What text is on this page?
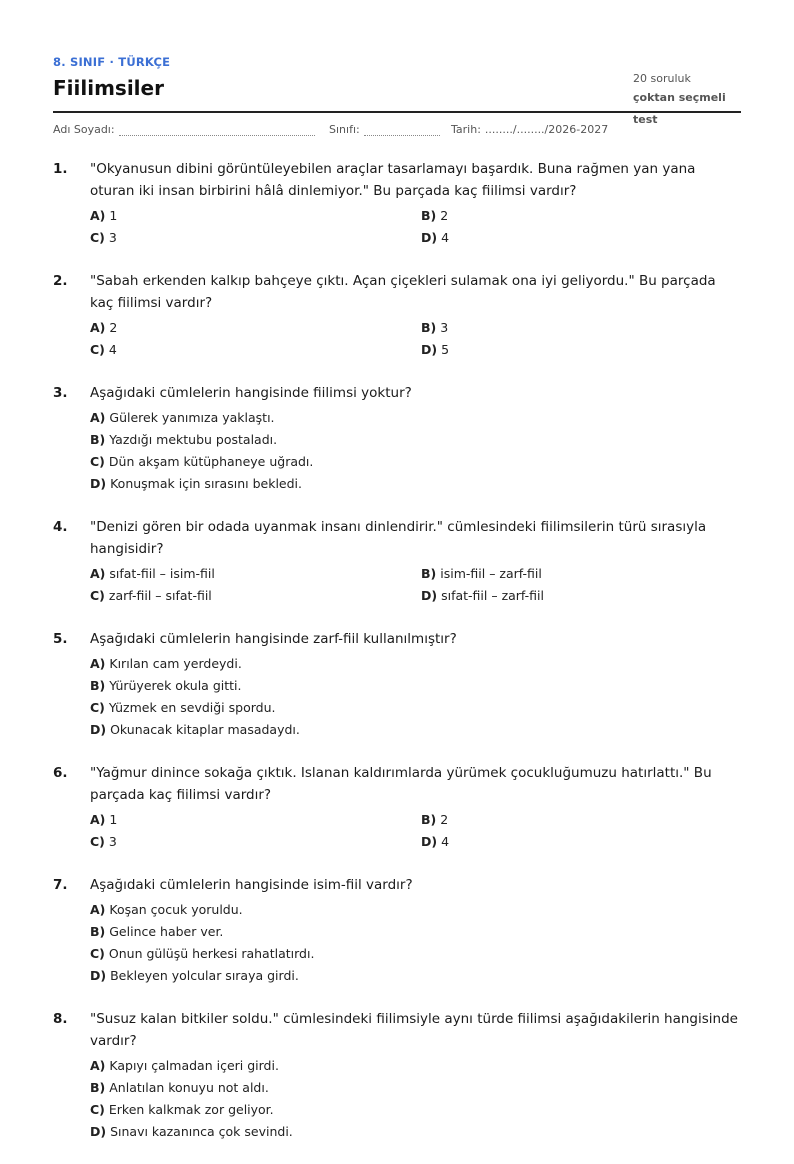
8. SINIF · TÜRKÇE
Fiilimsiler	20 soruluk
çoktan seçmeli test
Adı Soyadı:	Sınıfı:	Tarih: ......../......../2026-2027
1. "Okyanusun dibini görüntüleyebilen araçlar tasarlamayı başardık. Buna rağmen yan yana oturan iki insan birbirini hâlâ dinlemiyor." Bu parçada kaç fiilimsi vardır?
A) 1	B) 2
C) 3	D) 4
2. "Sabah erkenden kalkıp bahçeye çıktı. Açan çiçekleri sulamak ona iyi geliyordu." Bu parçada kaç fiilimsi vardır?
A) 2	B) 3
C) 4	D) 5
3. Aşağıdaki cümlelerin hangisinde fiilimsi yoktur?
A) Gülerek yanımıza yaklaştı.
B) Yazdığı mektubu postaladı.
C) Dün akşam kütüphaneye uğradı.
D) Konuşmak için sırasını bekledi.
4. "Denizi gören bir odada uyanmak insanı dinlendirir." cümlesindeki fiilimsilerin türü sırasıyla hangisidir?
A) sıfat-fiil – isim-fiil	B) isim-fiil – zarf-fiil
C) zarf-fiil – sıfat-fiil	D) sıfat-fiil – zarf-fiil
5. Aşağıdaki cümlelerin hangisinde zarf-fiil kullanılmıştır?
A) Kırılan cam yerdeydi.
B) Yürüyerek okula gitti.
C) Yüzmek en sevdiği spordu.
D) Okunacak kitaplar masadaydı.
6. "Yağmur dinince sokağa çıktık. Islanan kaldırımlarda yürümek çocukluğumuzu hatırlattı." Bu parçada kaç fiilimsi vardır?
A) 1	B) 2
C) 3	D) 4
7. Aşağıdaki cümlelerin hangisinde isim-fiil vardır?
A) Koşan çocuk yoruldu.
B) Gelince haber ver.
C) Onun gülüşü herkesi rahatlatırdı.
D) Bekleyen yolcular sıraya girdi.
8. "Susuz kalan bitkiler soldu." cümlesindeki fiilimsiyle aynı türde fiilimsi aşağıdakilerin hangisinde vardır?
A) Kapıyı çalmadan içeri girdi.
B) Anlatılan konuyu not aldı.
C) Erken kalkmak zor geliyor.
D) Sınavı kazanınca çok sevindi.
